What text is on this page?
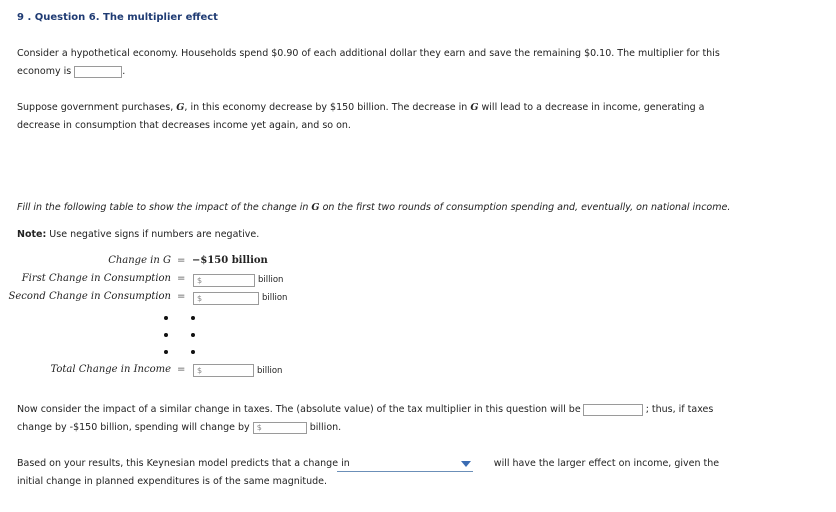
9 . Question 6. The multiplier effect
Consider a hypothetical economy. Households spend $0.90 of each additional dollar they earn and save the remaining $0.10. The multiplier for this
economy is	.
Suppose government purchases, G, in this economy decrease by $150 billion. The decrease in G will lead to a decrease in income, generating a
decrease in consumption that decreases income yet again, and so on.
Fill in the following table to show the impact of the change in G on the first two rounds of consumption spending and, eventually, on national income.
Note: Use negative signs if numbers are negative.
Change in G = −$150 billion
First Change in Consumption =	$	billion
Second Change in Consumption =	$	billion
Total Change in Income =	$	billion
Now consider the impact of a similar change in taxes. The (absolute value) of the tax multiplier in this question will be	; thus, if taxes
change by -$150 billion, spending will change by $	billion.
Based on your results, this Keynesian model predicts that a change in	will have the larger effect on income, given the
initial change in planned expenditures is of the same magnitude.
